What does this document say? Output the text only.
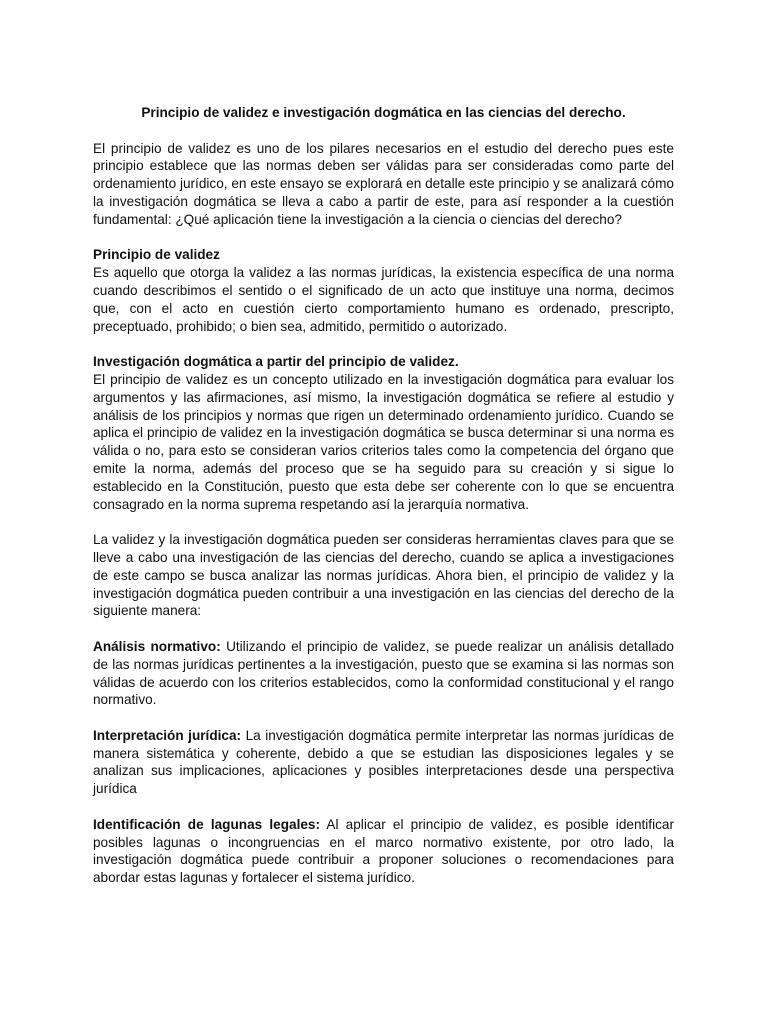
Principio de validez e investigación dogmática en las ciencias del derecho.

El principio de validez es uno de los pilares necesarios en el estudio del derecho pues este principio establece que las normas deben ser válidas para ser consideradas como parte del ordenamiento jurídico, en este ensayo se explorará en detalle este principio y se analizará cómo la investigación dogmática se lleva a cabo a partir de este, para así responder a la cuestión fundamental: ¿Qué aplicación tiene la investigación a la ciencia o ciencias del derecho?

Principio de validez
Es aquello que otorga la validez a las normas jurídicas, la existencia específica de una norma cuando describimos el sentido o el significado de un acto que instituye una norma, decimos que, con el acto en cuestión cierto comportamiento humano es ordenado, prescripto, preceptuado, prohibido; o bien sea, admitido, permitido o autorizado.

Investigación dogmática a partir del principio de validez.
El principio de validez es un concepto utilizado en la investigación dogmática para evaluar los argumentos y las afirmaciones, así mismo, la investigación dogmática se refiere al estudio y análisis de los principios y normas que rigen un determinado ordenamiento jurídico. Cuando se aplica el principio de validez en la investigación dogmática se busca determinar si una norma es válida o no, para esto se consideran varios criterios tales como la competencia del órgano que emite la norma, además del proceso que se ha seguido para su creación y si sigue lo establecido en la Constitución, puesto que esta debe ser coherente con lo que se encuentra consagrado en la norma suprema respetando así la jerarquía normativa.

La validez y la investigación dogmática pueden ser consideras herramientas claves para que se lleve a cabo una investigación de las ciencias del derecho, cuando se aplica a investigaciones de este campo se busca analizar las normas jurídicas. Ahora bien, el principio de validez y la investigación dogmática pueden contribuir a una investigación en las ciencias del derecho de la siguiente manera:

Análisis normativo: Utilizando el principio de validez, se puede realizar un análisis detallado de las normas jurídicas pertinentes a la investigación, puesto que se examina si las normas son válidas de acuerdo con los criterios establecidos, como la conformidad constitucional y el rango normativo.

Interpretación jurídica: La investigación dogmática permite interpretar las normas jurídicas de manera sistemática y coherente, debido a que se estudian las disposiciones legales y se analizan sus implicaciones, aplicaciones y posibles interpretaciones desde una perspectiva jurídica

Identificación de lagunas legales: Al aplicar el principio de validez, es posible identificar posibles lagunas o incongruencias en el marco normativo existente, por otro lado, la investigación dogmática puede contribuir a proponer soluciones o recomendaciones para abordar estas lagunas y fortalecer el sistema jurídico.
